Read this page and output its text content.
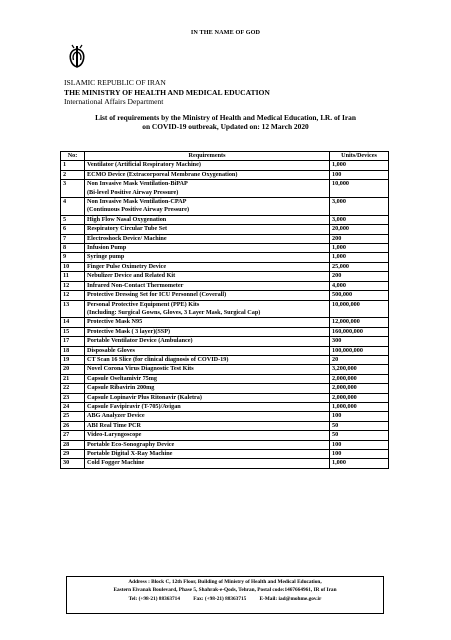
IN THE NAME OF GOD
ISLAMIC REPUBLIC OF IRAN
THE MINISTRY OF HEALTH AND MEDICAL EDUCATION
International Affairs Department
List of requirements by the Ministry of Health and Medical Education, I.R. of Iran
on COVID-19 outbreak, Updated on: 12 March 2020
No:	Requirements	Units/Devices
1	Ventilator (Artificial Respiratory Machine)	1,000
2	ECMO Device (Extracorporeal Membrane Oxygenation)	100
3	Non Invasive Mask Ventilation-BiPAP
(Bi-level Positive Airway Pressure)	10,000
4	Non Invasive Mask Ventilation-CPAP
(Continuous Positive Airway Pressure)	3,000
5	High Flow Nasal Oxygenation	3,000
6	Respiratory Circular Tube Set	20,000
7	Electroshock Device/ Machine	200
8	Infusion Pump	1,000
9	Syringe pump	1,000
10	Finger Pulse Oximetry Device	25,000
11	Nebulizer Device and Related Kit	200
12	Infrared Non-Contact Thermometer	4,000
12	Protective Dressing Set for ICU Personnel (Coverall)	500,000
13	Personal Protective Equipment (PPE) Kits
(Including: Surgical Gowns, Gloves, 3 Layer Mask, Surgical Cap)	10,000,000
14	Protective Mask N95	12,000,000
15	Protective Mask ( 3 layer)(SSP)	160,000,000
17	Portable Ventilator Device (Ambulance)	300
18	Disposable Gloves	100,000,000
19	CT Scan 16 Slice (for clinical diagnosis of COVID-19)	20
20	Novel Corona Virus Diagnostic Test Kits	3,200,000
21	Capsule Oseltamivir 75mg	2,000,000
22	Capsule Ribavirin 200mg	2,000,000
23	Capsule Lopinavir Plus Ritonavir (Kaletra)	2,000,000
24	Capsule Favipiravir (T-705)/Avigan	1,000,000
25	ABG Analyzer Device	100
26	ABI Real Time PCR	50
27	Video-Laryngoscope	50
28	Portable Eco-Sonography Device	100
29	Portable Digital X-Ray Machine	100
30	Cold Fogger Machine	1,000
Address : Block C, 12th Floor, Building of Ministry of Health and Medical Education,
Eastern Eivanak Boulevard, Phase 5, Shahrak-e-Qods, Tehran, Postal code:1467664961, IR of Iran
Tel: (+98-21) 88363714          Fax: (+98-21) 88363715          E-Mail: iad@mohme.gov.ir
